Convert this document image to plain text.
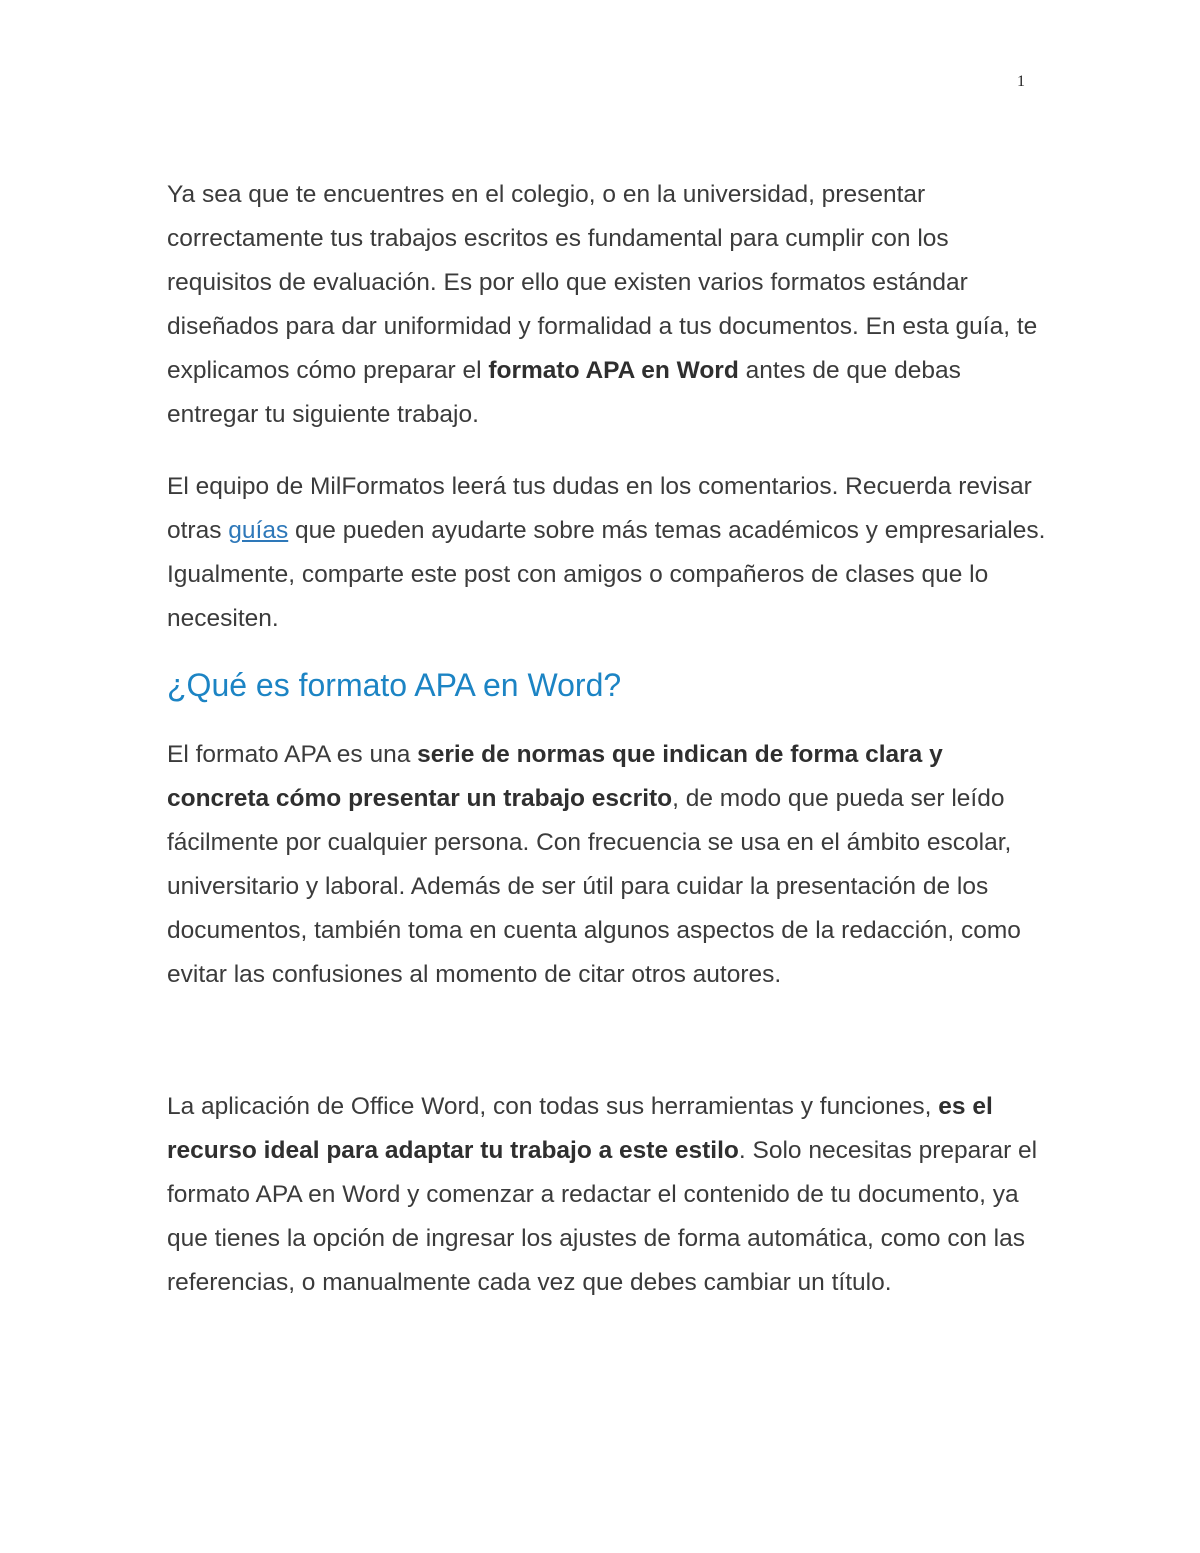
1

Ya sea que te encuentres en el colegio, o en la universidad, presentar correctamente tus trabajos escritos es fundamental para cumplir con los requisitos de evaluación. Es por ello que existen varios formatos estándar diseñados para dar uniformidad y formalidad a tus documentos. En esta guía, te explicamos cómo preparar el formato APA en Word antes de que debas entregar tu siguiente trabajo.

El equipo de MilFormatos leerá tus dudas en los comentarios. Recuerda revisar otras guías que pueden ayudarte sobre más temas académicos y empresariales. Igualmente, comparte este post con amigos o compañeros de clases que lo necesiten.

¿Qué es formato APA en Word?

El formato APA es una serie de normas que indican de forma clara y concreta cómo presentar un trabajo escrito, de modo que pueda ser leído fácilmente por cualquier persona. Con frecuencia se usa en el ámbito escolar, universitario y laboral. Además de ser útil para cuidar la presentación de los documentos, también toma en cuenta algunos aspectos de la redacción, como evitar las confusiones al momento de citar otros autores.

La aplicación de Office Word, con todas sus herramientas y funciones, es el recurso ideal para adaptar tu trabajo a este estilo. Solo necesitas preparar el formato APA en Word y comenzar a redactar el contenido de tu documento, ya que tienes la opción de ingresar los ajustes de forma automática, como con las referencias, o manualmente cada vez que debes cambiar un título.
